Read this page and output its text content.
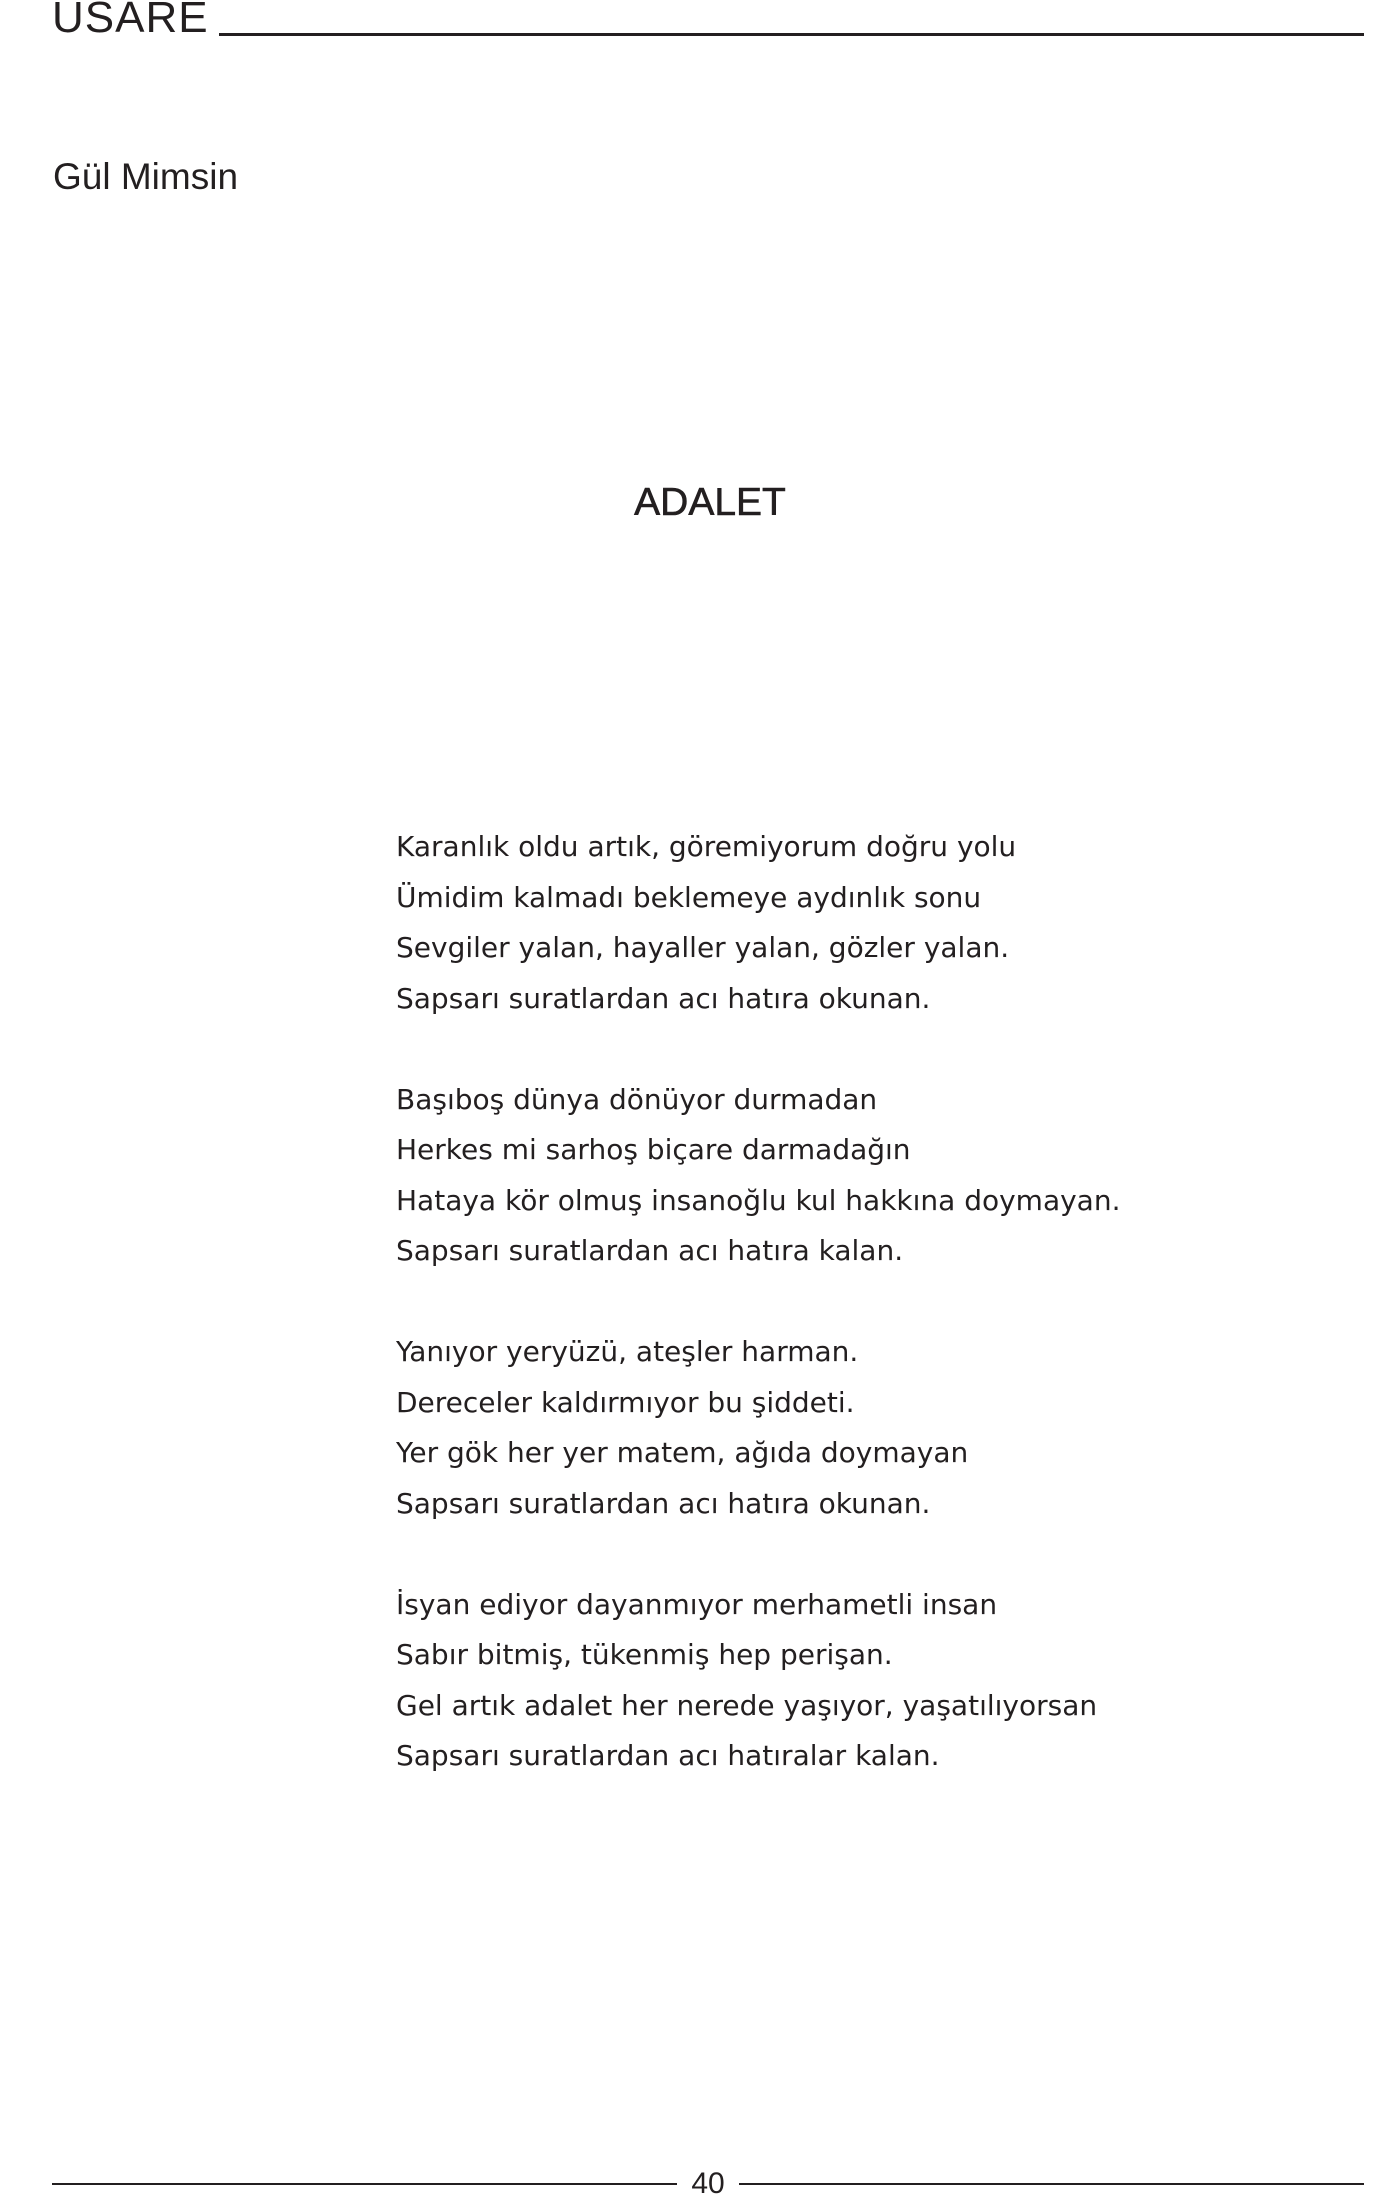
USARE
Gül Mimsin
ADALET
Karanlık oldu artık, göremiyorum doğru yolu
Ümidim kalmadı beklemeye aydınlık sonu
Sevgiler yalan, hayaller yalan, gözler yalan.
Sapsarı suratlardan acı hatıra okunan.
Başıboş dünya dönüyor durmadan
Herkes mi sarhoş biçare darmadağın
Hataya kör olmuş insanoğlu kul hakkına doymayan.
Sapsarı suratlardan acı hatıra kalan.
Yanıyor yeryüzü, ateşler harman.
Dereceler kaldırmıyor bu şiddeti.
Yer gök her yer matem, ağıda doymayan
Sapsarı suratlardan acı hatıra okunan.
İsyan ediyor dayanmıyor merhametli insan
Sabır bitmiş, tükenmiş hep perişan.
Gel artık adalet her nerede yaşıyor, yaşatılıyorsan
Sapsarı suratlardan acı hatıralar kalan.
40
